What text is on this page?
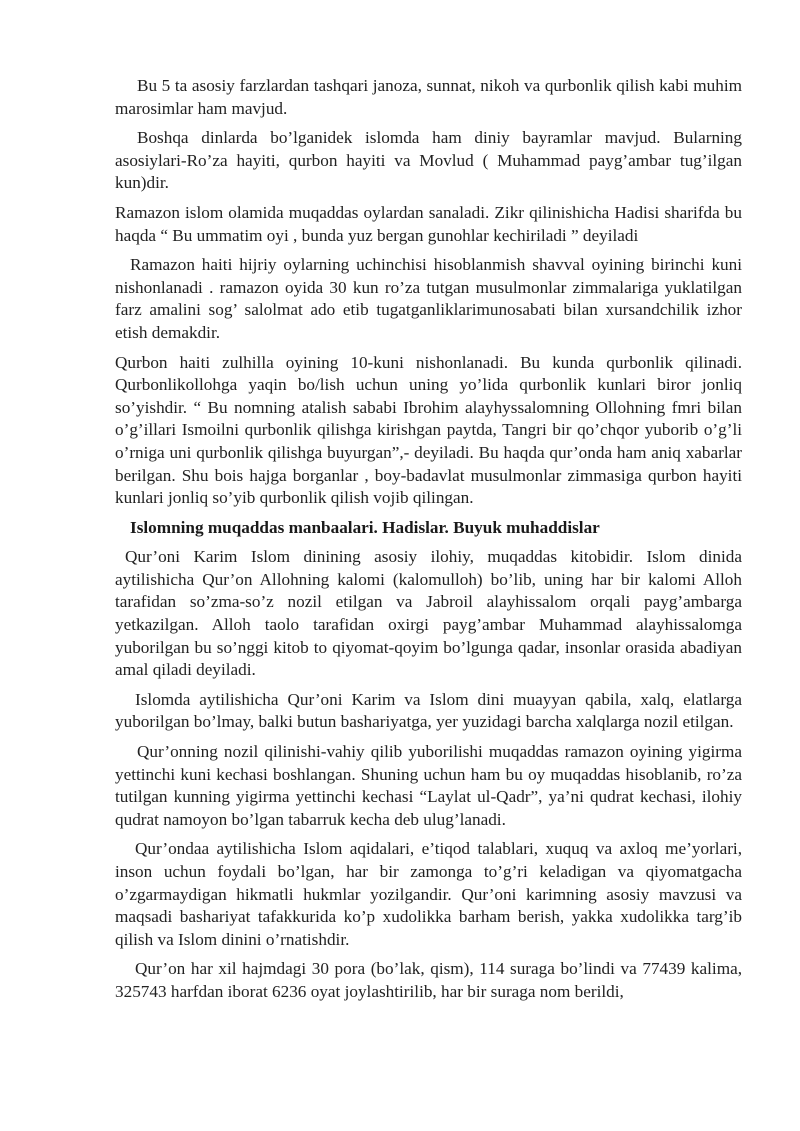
Bu 5 ta asosiy farzlardan tashqari janoza, sunnat, nikoh va qurbonlik qilish kabi muhim marosimlar ham mavjud.

Boshqa dinlarda bo’lganidek islomda ham diniy bayramlar mavjud. Bularning asosiylari-Ro’za hayiti, qurbon hayiti va Movlud ( Muhammad payg’ambar tug’ilgan kun)dir.

Ramazon islom olamida muqaddas oylardan sanaladi. Zikr qilinishicha Hadisi sharifda bu haqda “ Bu ummatim oyi , bunda yuz bergan gunohlar kechiriladi ” deyiladi

Ramazon haiti hijriy oylarning uchinchisi hisoblanmish shavval oyining birinchi kuni nishonlanadi . ramazon oyida 30 kun ro’za tutgan musulmonlar zimmalariga yuklatilgan farz amalini sog’ salolmat ado etib tugatganliklarimunosabati bilan xursandchilik izhor etish demakdir.

Qurbon haiti zulhilla oyining 10-kuni nishonlanadi. Bu kunda qurbonlik qilinadi. Qurbonlikollohga yaqin bo/lish uchun uning yo’lida qurbonlik kunlari biror jonliq so’yishdir. “ Bu nomning atalish sababi Ibrohim alayhyssalomning Ollohning fmri bilan o’g’illari Ismoilni qurbonlik qilishga kirishgan paytda, Tangri bir qo’chqor yuborib o’g’li o’rniga uni qurbonlik qilishga buyurgan”,- deyiladi. Bu haqda qur’onda ham aniq xabarlar berilgan. Shu bois hajga borganlar , boy-badavlat musulmonlar zimmasiga qurbon hayiti kunlari jonliq so’yib qurbonlik qilish vojib qilingan.

Islomning muqaddas manbaalari. Hadislar. Buyuk muhaddislar

Qur’oni Karim Islom dinining asosiy ilohiy, muqaddas kitobidir. Islom dinida aytilishicha Qur’on Allohning kalomi (kalomulloh) bo’lib, uning har bir kalomi Alloh tarafidan so’zma-so’z nozil etilgan va Jabroil alayhissalom orqali payg’ambarga yetkazilgan. Alloh taolo tarafidan oxirgi payg’ambar Muhammad alayhissalomga yuborilgan bu so’nggi kitob to qiyomat-qoyim bo’lgunga qadar, insonlar orasida abadiyan amal qiladi deyiladi.

Islomda aytilishicha Qur’oni Karim va Islom dini muayyan qabila, xalq, elatlarga yuborilgan bo’lmay, balki butun bashariyatga, yer yuzidagi barcha xalqlarga nozil etilgan.

Qur’onning nozil qilinishi-vahiy qilib yuborilishi muqaddas ramazon oyining yigirma yettinchi kuni kechasi boshlangan. Shuning uchun ham bu oy muqaddas hisoblanib, ro’za tutilgan kunning yigirma yettinchi kechasi “Laylat ul-Qadr”, ya’ni qudrat kechasi, ilohiy qudrat namoyon bo’lgan tabarruk kecha deb ulug’lanadi.

Qur’ondaa aytilishicha Islom aqidalari, e’tiqod talablari, xuquq va axloq me’yorlari, inson uchun foydali bo’lgan, har bir zamonga to’g’ri keladigan va qiyomatgacha o’zgarmaydigan hikmatli hukmlar yozilgandir. Qur’oni karimning asosiy mavzusi va maqsadi bashariyat tafakkurida ko’p xudolikka barham berish, yakka xudolikka targ’ib qilish va Islom dinini o’rnatishdir.

Qur’on har xil hajmdagi 30 pora (bo’lak, qism), 114 suraga bo’lindi va 77439 kalima, 325743 harfdan iborat 6236 oyat joylashtirilib, har bir suraga nom berildi,
